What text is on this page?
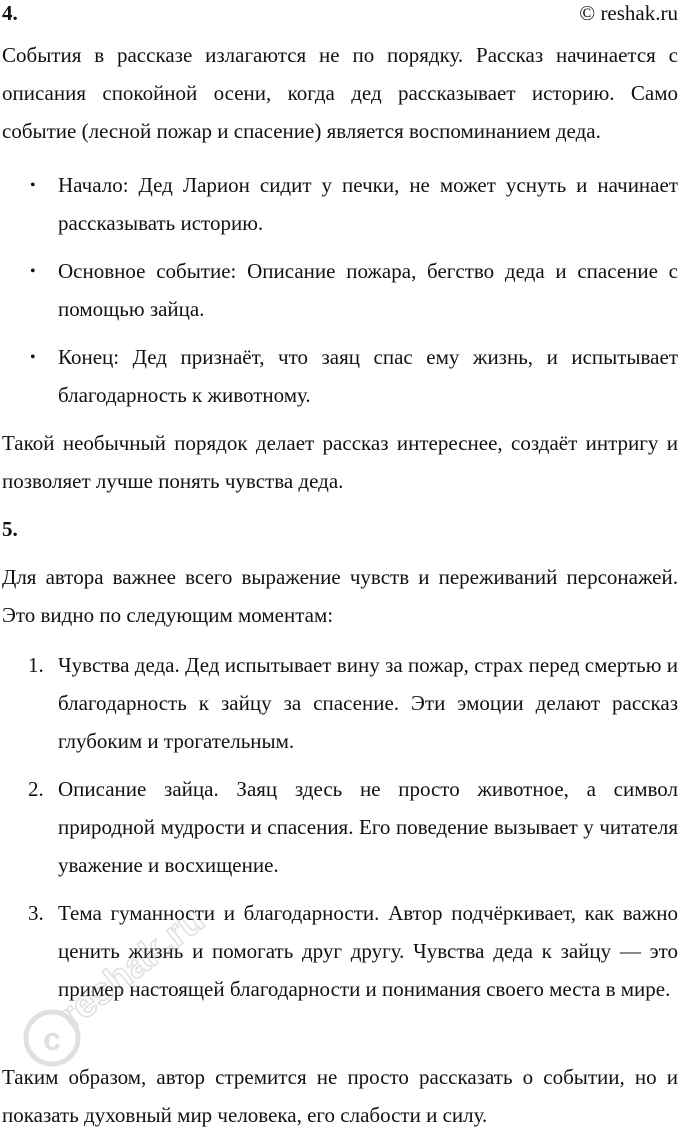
4.	© reshak.ru

События в рассказе излагаются не по порядку. Рассказ начинается с описания спокойной осени, когда дед рассказывает историю. Само событие (лесной пожар и спасение) является воспоминанием деда.

• Начало: Дед Ларион сидит у печки, не может уснуть и начинает рассказывать историю.

• Основное событие: Описание пожара, бегство деда и спасение с помощью зайца.

• Конец: Дед признаёт, что заяц спас ему жизнь, и испытывает благодарность к животному.

Такой необычный порядок делает рассказ интереснее, создаёт интригу и позволяет лучше понять чувства деда.

5.

Для автора важнее всего выражение чувств и переживаний персонажей. Это видно по следующим моментам:

1. Чувства деда. Дед испытывает вину за пожар, страх перед смертью и благодарность к зайцу за спасение. Эти эмоции делают рассказ глубоким и трогательным.

2. Описание зайца. Заяц здесь не просто животное, а символ природной мудрости и спасения. Его поведение вызывает у читателя уважение и восхищение.

3. Тема гуманности и благодарности. Автор подчёркивает, как важно ценить жизнь и помогать друг другу. Чувства деда к зайцу — это пример настоящей благодарности и понимания своего места в мире.

Таким образом, автор стремится не просто рассказать о событии, но и показать духовный мир человека, его слабости и силу.

c
reshak.ru
